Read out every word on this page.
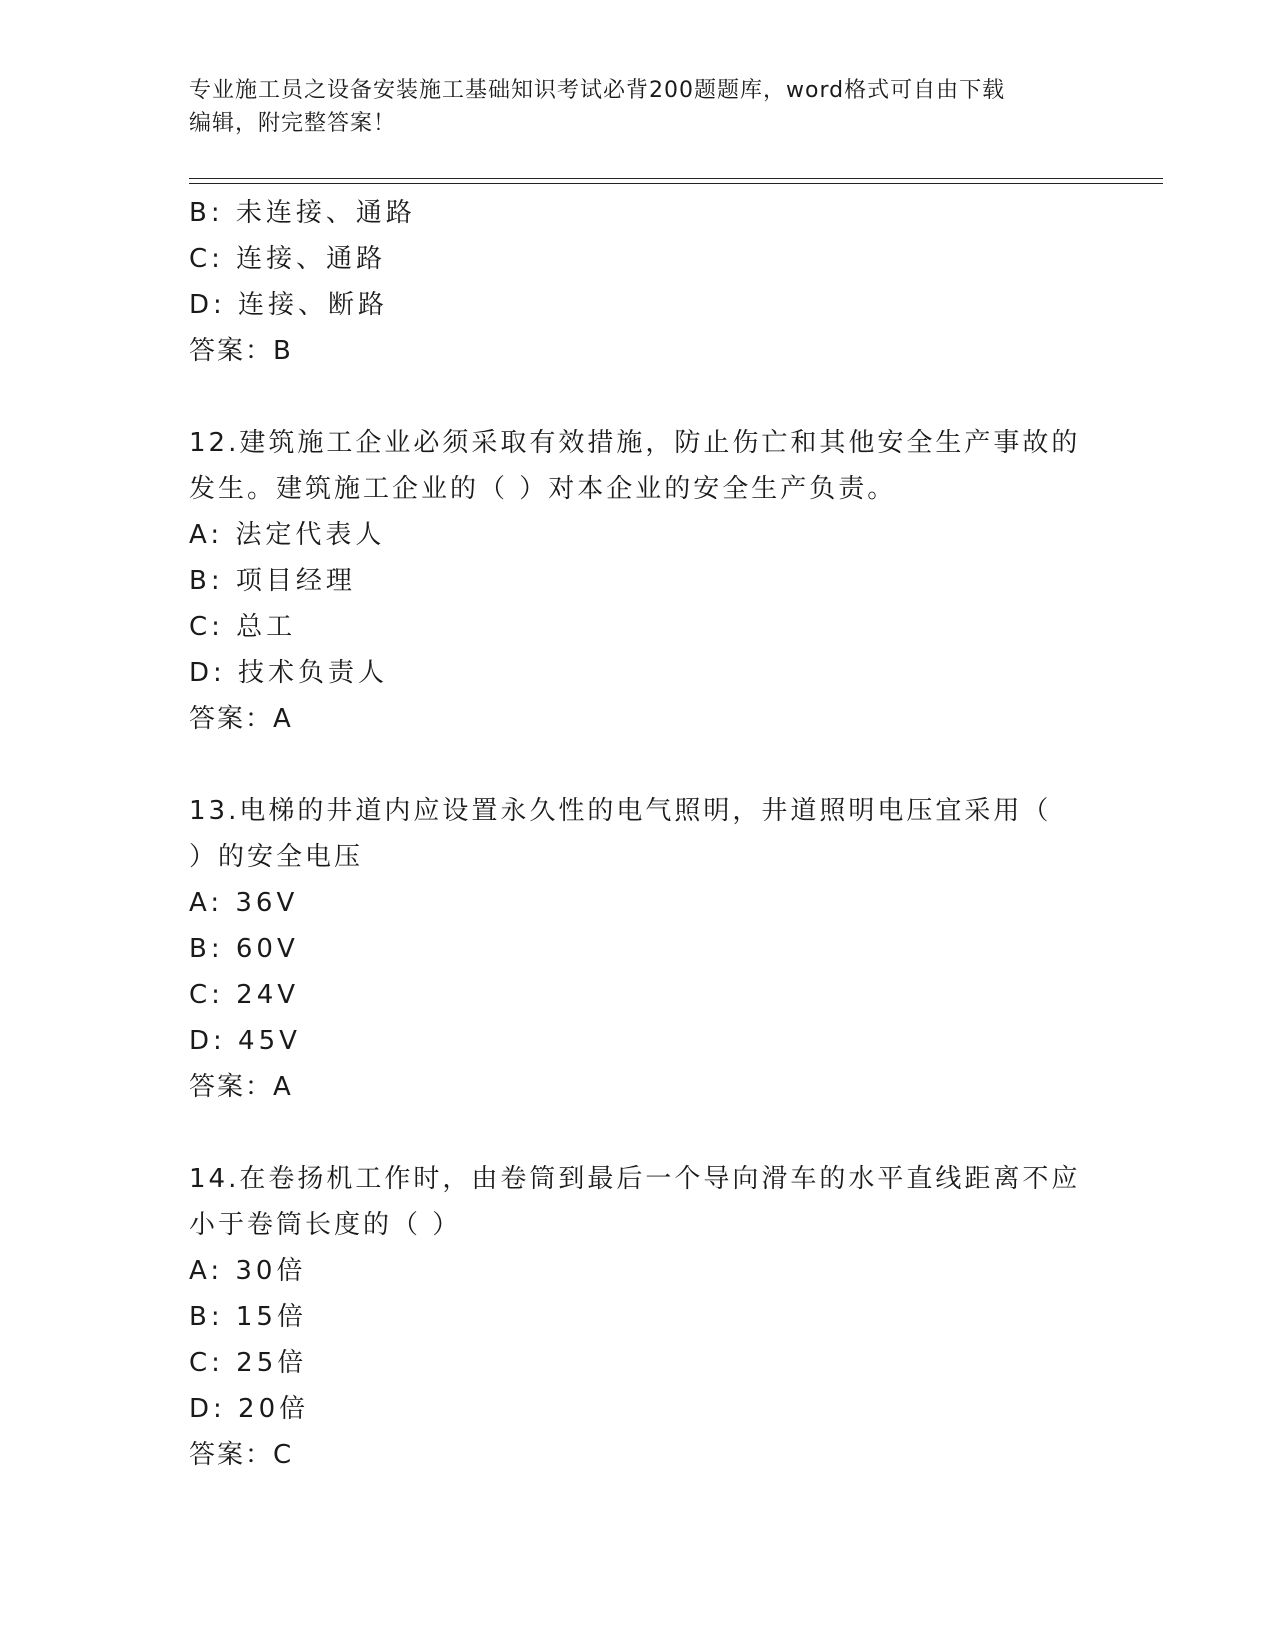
专业施工员之设备安装施工基础知识考试必背200题题库，word格式可自由下载
编辑，附完整答案！
B: 未连接、通路
C: 连接、通路
D: 连接、断路
答案：B
12.建筑施工企业必须采取有效措施，防止伤亡和其他安全生产事故的
发生。建筑施工企业的（ ）对本企业的安全生产负责。
A: 法定代表人
B: 项目经理
C: 总工
D: 技术负责人
答案：A
13.电梯的井道内应设置永久性的电气照明，井道照明电压宜采用（
）的安全电压
A: 36V
B: 60V
C: 24V
D: 45V
答案：A
14.在卷扬机工作时，由卷筒到最后一个导向滑车的水平直线距离不应
小于卷筒长度的（ ）
A: 30倍
B: 15倍
C: 25倍
D: 20倍
答案：C
